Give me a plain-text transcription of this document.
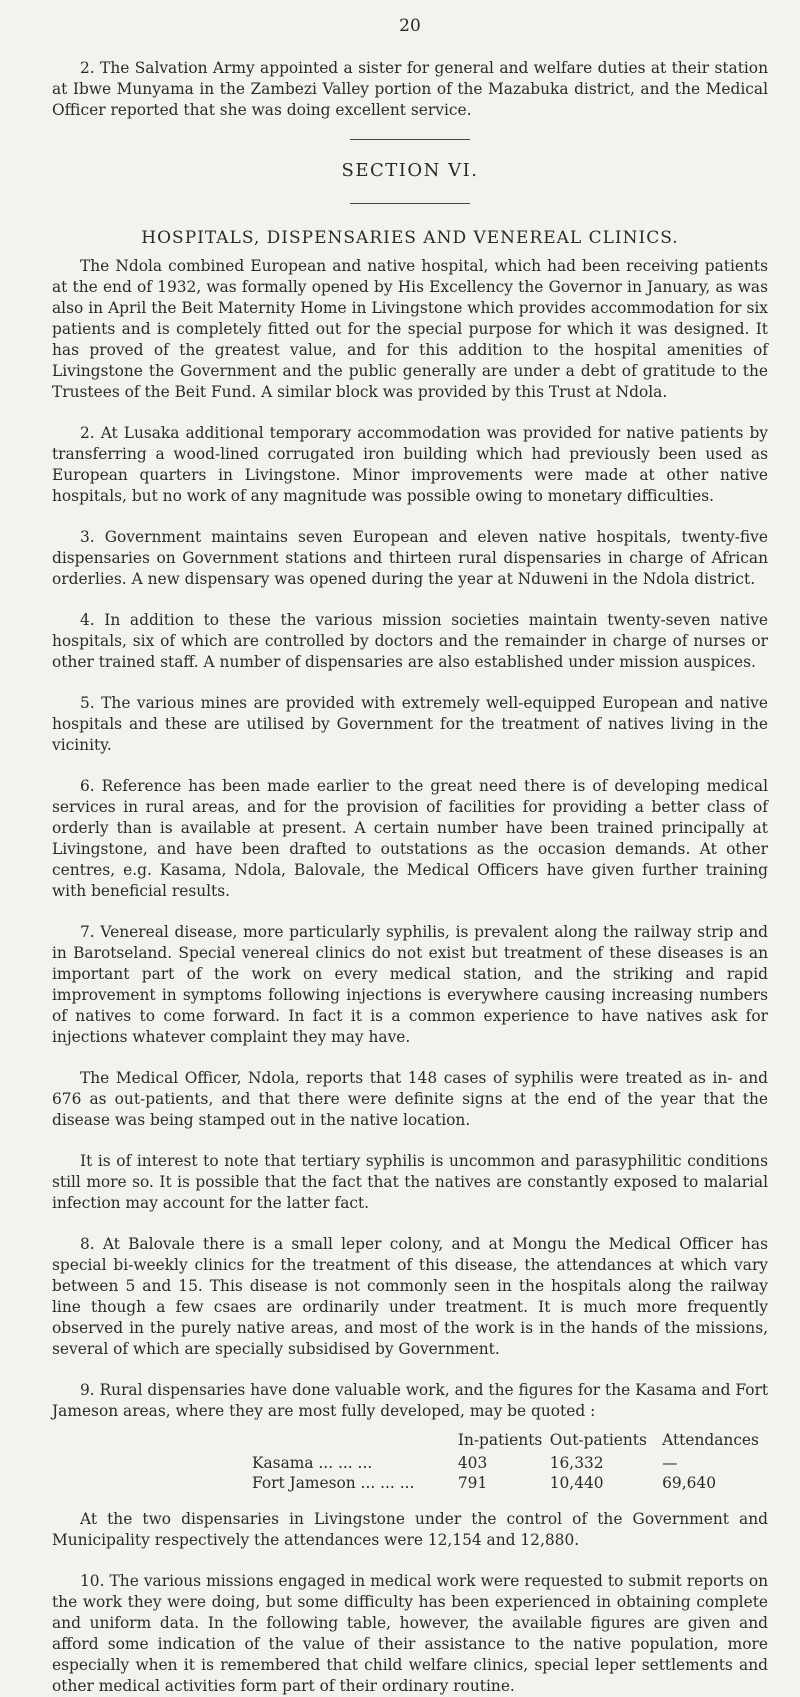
20

2. The Salvation Army appointed a sister for general and welfare duties at their station at Ibwe Munyama in the Zambezi Valley portion of the Mazabuka district, and the Medical Officer reported that she was doing excellent service.

SECTION VI.
HOSPITALS, DISPENSARIES AND VENEREAL CLINICS.

The Ndola combined European and native hospital, which had been receiving patients at the end of 1932, was formally opened by His Excellency the Governor in January, as was also in April the Beit Maternity Home in Livingstone which provides accommodation for six patients and is completely fitted out for the special purpose for which it was designed. It has proved of the greatest value, and for this addition to the hospital amenities of Livingstone the Government and the public generally are under a debt of gratitude to the Trustees of the Beit Fund. A similar block was provided by this Trust at Ndola.

2. At Lusaka additional temporary accommodation was provided for native patients by transferring a wood-lined corrugated iron building which had previously been used as European quarters in Livingstone. Minor improvements were made at other native hospitals, but no work of any magnitude was possible owing to monetary difficulties.

3. Government maintains seven European and eleven native hospitals, twenty-five dispensaries on Government stations and thirteen rural dispensaries in charge of African orderlies. A new dispensary was opened during the year at Nduweni in the Ndola district.

4. In addition to these the various mission societies maintain twenty-seven native hospitals, six of which are controlled by doctors and the remainder in charge of nurses or other trained staff. A number of dispensaries are also established under mission auspices.

5. The various mines are provided with extremely well-equipped European and native hospitals and these are utilised by Government for the treatment of natives living in the vicinity.

6. Reference has been made earlier to the great need there is of developing medical services in rural areas, and for the provision of facilities for providing a better class of orderly than is available at present. A certain number have been trained principally at Livingstone, and have been drafted to outstations as the occasion demands. At other centres, e.g. Kasama, Ndola, Balovale, the Medical Officers have given further training with beneficial results.

7. Venereal disease, more particularly syphilis, is prevalent along the railway strip and in Barotseland. Special venereal clinics do not exist but treatment of these diseases is an important part of the work on every medical station, and the striking and rapid improvement in symptoms following injections is everywhere causing increasing numbers of natives to come forward. In fact it is a common experience to have natives ask for injections whatever complaint they may have.

The Medical Officer, Ndola, reports that 148 cases of syphilis were treated as in- and 676 as out-patients, and that there were definite signs at the end of the year that the disease was being stamped out in the native location.

It is of interest to note that tertiary syphilis is uncommon and parasyphilitic conditions still more so. It is possible that the fact that the natives are constantly exposed to malarial infection may account for the latter fact.

8. At Balovale there is a small leper colony, and at Mongu the Medical Officer has special bi-weekly clinics for the treatment of this disease, the attendances at which vary between 5 and 15. This disease is not commonly seen in the hospitals along the railway line though a few csaes are ordinarily under treatment. It is much more frequently observed in the purely native areas, and most of the work is in the hands of the missions, several of which are specially subsidised by Government.

9. Rural dispensaries have done valuable work, and the figures for the Kasama and Fort Jameson areas, where they are most fully developed, may be quoted :

	In-patients	Out-patients	Attendances
Kasama ... ... ...	403	16,332	—
Fort Jameson ... ... ...	791	10,440	69,640

At the two dispensaries in Livingstone under the control of the Government and Municipality respectively the attendances were 12,154 and 12,880.

10. The various missions engaged in medical work were requested to submit reports on the work they were doing, but some difficulty has been experienced in obtaining complete and uniform data. In the following table, however, the available figures are given and afford some indication of the value of their assistance to the native population, more especially when it is remembered that child welfare clinics, special leper settlements and other medical activities form part of their ordinary routine.
